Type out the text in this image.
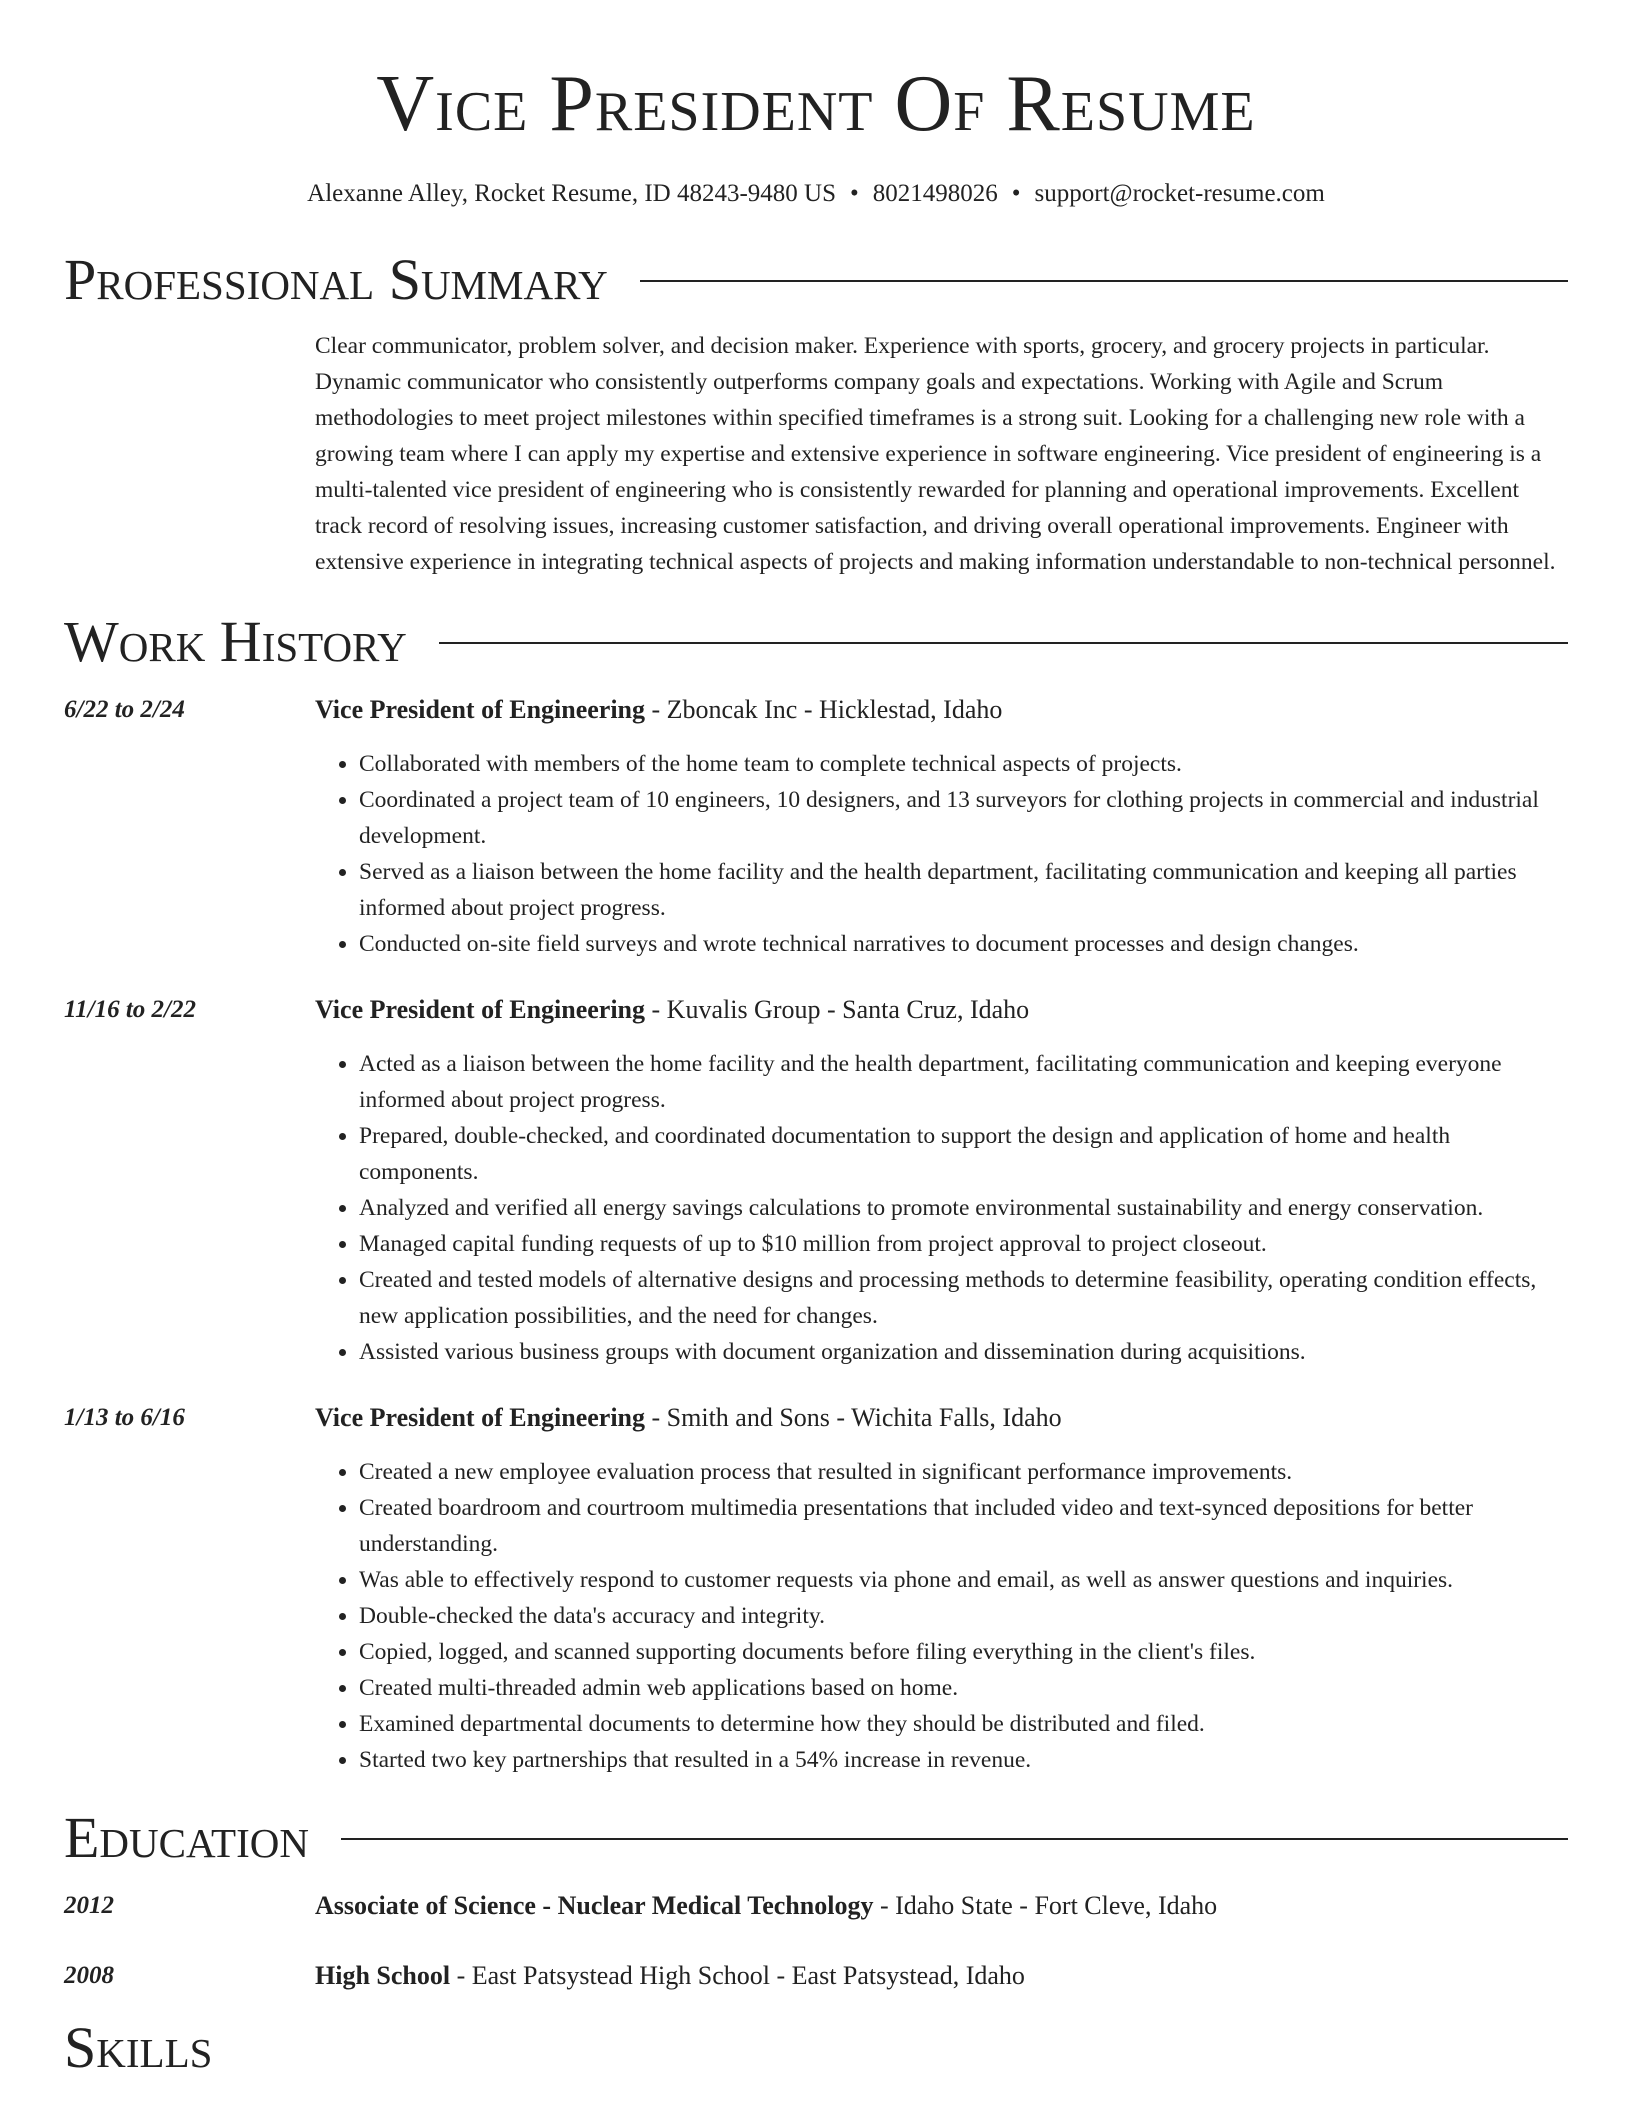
Vice President Of Resume
Alexanne Alley, Rocket Resume, ID 48243-9480 US • 8021498026 • support@rocket-resume.com
Professional Summary
Clear communicator, problem solver, and decision maker. Experience with sports, grocery, and grocery projects in particular. Dynamic communicator who consistently outperforms company goals and expectations. Working with Agile and Scrum methodologies to meet project milestones within specified timeframes is a strong suit. Looking for a challenging new role with a growing team where I can apply my expertise and extensive experience in software engineering. Vice president of engineering is a multi-talented vice president of engineering who is consistently rewarded for planning and operational improvements. Excellent track record of resolving issues, increasing customer satisfaction, and driving overall operational improvements. Engineer with extensive experience in integrating technical aspects of projects and making information understandable to non-technical personnel.
Work History
6/22 to 2/24	Vice President of Engineering - Zboncak Inc - Hicklestad, Idaho
• Collaborated with members of the home team to complete technical aspects of projects.
• Coordinated a project team of 10 engineers, 10 designers, and 13 surveyors for clothing projects in commercial and industrial development.
• Served as a liaison between the home facility and the health department, facilitating communication and keeping all parties informed about project progress.
• Conducted on-site field surveys and wrote technical narratives to document processes and design changes.
11/16 to 2/22	Vice President of Engineering - Kuvalis Group - Santa Cruz, Idaho
• Acted as a liaison between the home facility and the health department, facilitating communication and keeping everyone informed about project progress.
• Prepared, double-checked, and coordinated documentation to support the design and application of home and health components.
• Analyzed and verified all energy savings calculations to promote environmental sustainability and energy conservation.
• Managed capital funding requests of up to $10 million from project approval to project closeout.
• Created and tested models of alternative designs and processing methods to determine feasibility, operating condition effects, new application possibilities, and the need for changes.
• Assisted various business groups with document organization and dissemination during acquisitions.
1/13 to 6/16	Vice President of Engineering - Smith and Sons - Wichita Falls, Idaho
• Created a new employee evaluation process that resulted in significant performance improvements.
• Created boardroom and courtroom multimedia presentations that included video and text-synced depositions for better understanding.
• Was able to effectively respond to customer requests via phone and email, as well as answer questions and inquiries.
• Double-checked the data's accuracy and integrity.
• Copied, logged, and scanned supporting documents before filing everything in the client's files.
• Created multi-threaded admin web applications based on home.
• Examined departmental documents to determine how they should be distributed and filed.
• Started two key partnerships that resulted in a 54% increase in revenue.
Education
2012	Associate of Science - Nuclear Medical Technology - Idaho State - Fort Cleve, Idaho
2008	High School - East Patsystead High School - East Patsystead, Idaho
Skills
